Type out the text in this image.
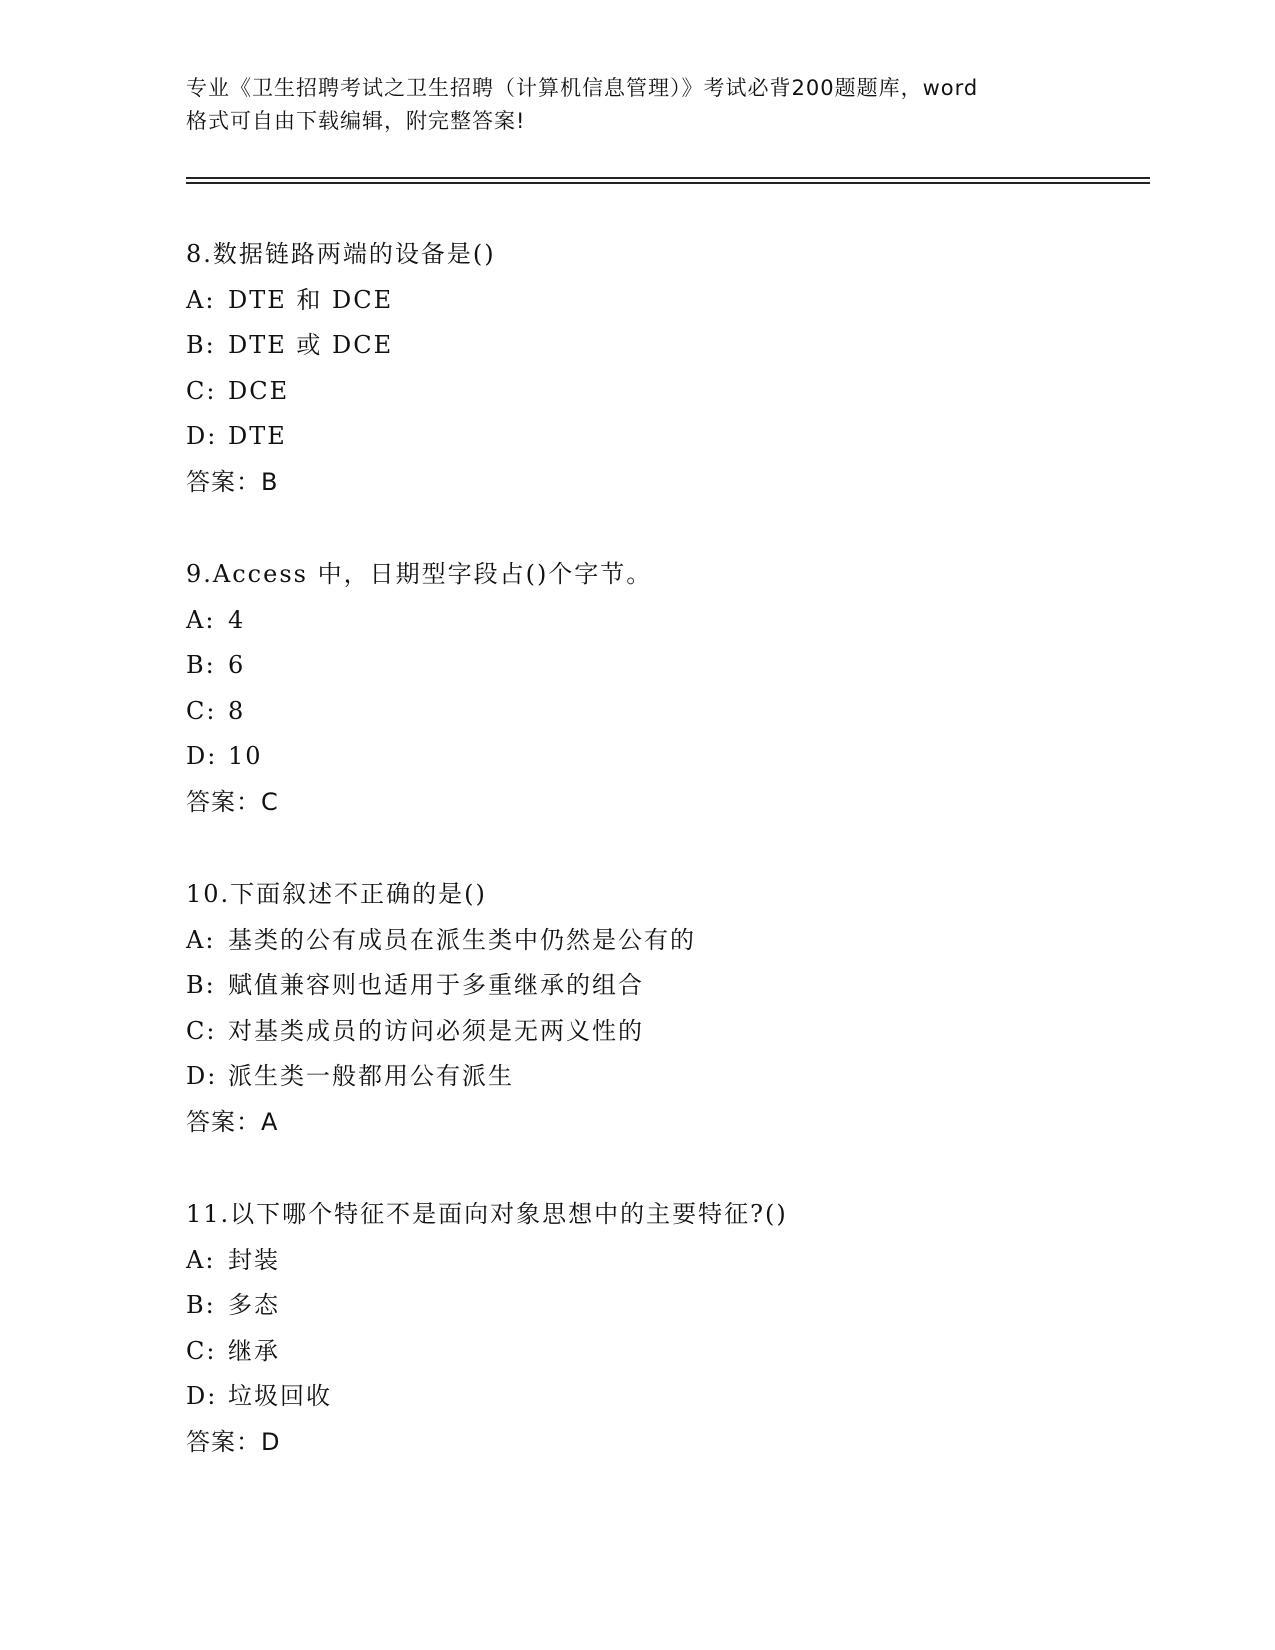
专业《卫生招聘考试之卫生招聘（计算机信息管理）》考试必背200题题库，word
格式可自由下载编辑，附完整答案!
8.数据链路两端的设备是()
A: DTE 和 DCE
B: DTE 或 DCE
C: DCE
D: DTE
答案：B
9.Access 中，日期型字段占()个字节。
A: 4
B: 6
C: 8
D: 10
答案：C
10.下面叙述不正确的是()
A: 基类的公有成员在派生类中仍然是公有的
B: 赋值兼容则也适用于多重继承的组合
C: 对基类成员的访问必须是无两义性的
D: 派生类一般都用公有派生
答案：A
11.以下哪个特征不是面向对象思想中的主要特征?()
A: 封装
B: 多态
C: 继承
D: 垃圾回收
答案：D
